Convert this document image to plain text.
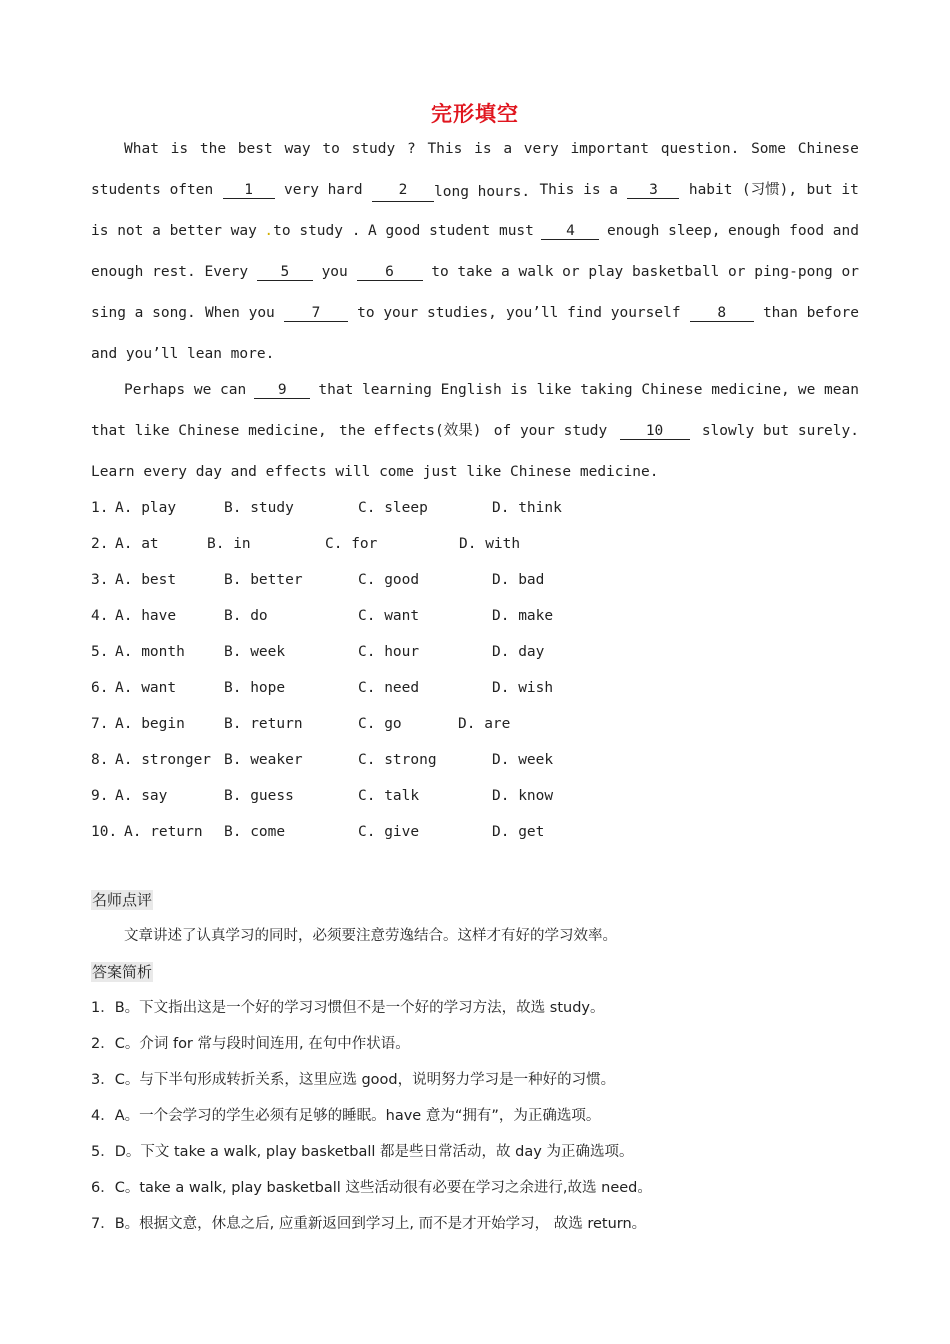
完形填空
What is the best way to study ? This is a very important question. Some Chinese
students often	1	very hard	2	long hours. This is a	3	habit (习惯), but it
is not a better way .to study . A good student must	4	enough sleep, enough food and
enough rest. Every	5	you	6	to take a walk or play basketball or ping-pong or
sing a song. When you	7	to your studies, you’ll find yourself	8	than before
and you’ll lean more.
Perhaps we can	9	that learning English is like taking Chinese medicine, we mean
that like Chinese medicine, the effects(效果) of your study	10	slowly but surely.
Learn every day and effects will come just like Chinese medicine.
1. A. play	B. study	C. sleep	D. think
2. A. at	B. in	C. for	D. with
3. A. best	B. better	C. good	D. bad
4. A. have	B. do	C. want	D. make
5. A. month	B. week	C. hour	D. day
6. A. want	B. hope	C. need	D. wish
7. A. begin	B. return	C. go	D. are
8. A. stronger B. weaker	C. strong	D. week
9. A. say	B. guess	C. talk	D. know
10. A. return B. come	C. give	D. get
名师点评
文章讲述了认真学习的同时，必须要注意劳逸结合。这样才有好的学习效率。
答案简析
1．B。下文指出这是一个好的学习习惯但不是一个好的学习方法，故选 study。
2．C。介词 for 常与段时间连用, 在句中作状语。
3．C。与下半句形成转折关系，这里应选 good，说明努力学习是一种好的习惯。
4．A。一个会学习的学生必须有足够的睡眠。have 意为“拥有”，为正确选项。
5．D。下文 take a walk, play basketball 都是些日常活动，故 day 为正确选项。
6．C。take a walk, play basketball 这些活动很有必要在学习之余进行,故选 need。
7．B。根据文意，休息之后, 应重新返回到学习上, 而不是才开始学习， 故选 return。
